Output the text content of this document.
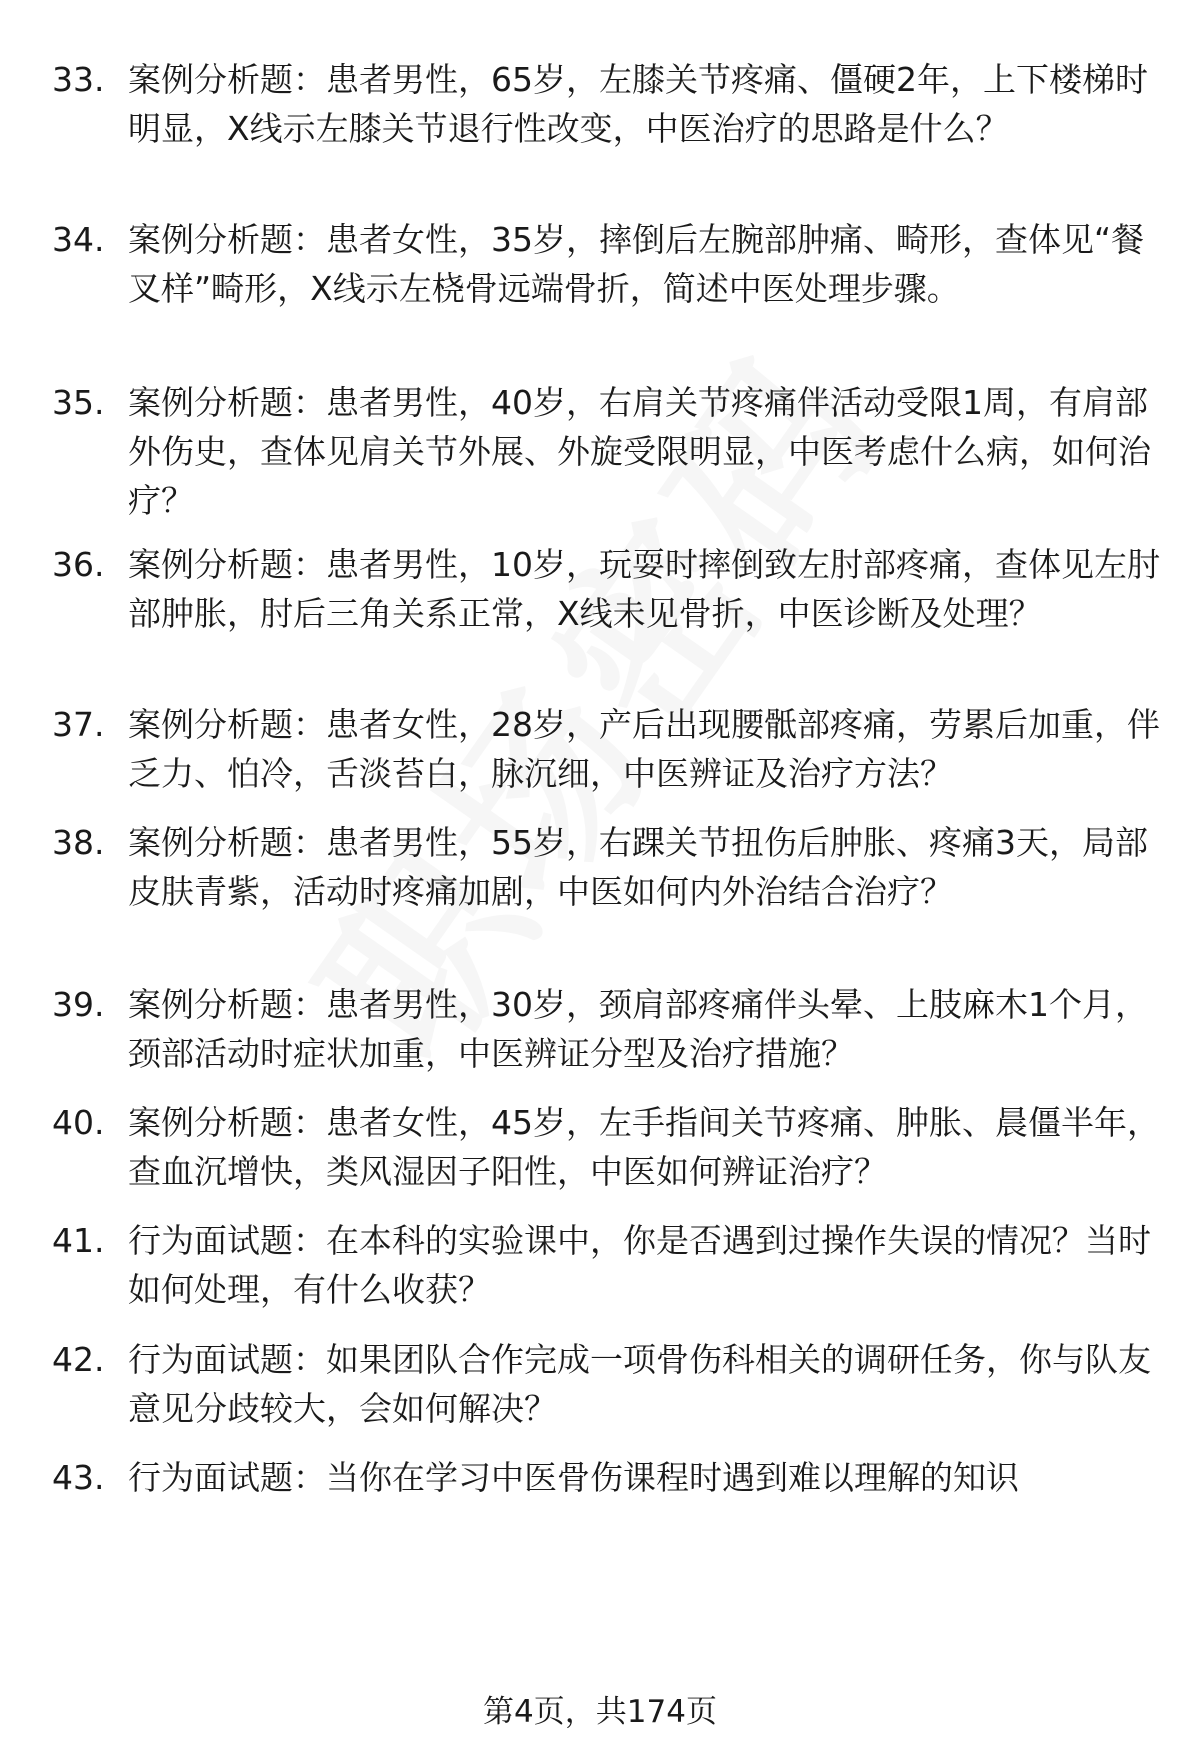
33. 案例分析题：患者男性，65岁，左膝关节疼痛、僵硬2年，上下楼梯时明显，X线示左膝关节退行性改变，中医治疗的思路是什么？
34. 案例分析题：患者女性，35岁，摔倒后左腕部肿痛、畸形，查体见“餐叉样”畸形，X线示左桡骨远端骨折，简述中医处理步骤。
35. 案例分析题：患者男性，40岁，右肩关节疼痛伴活动受限1周，有肩部外伤史，查体见肩关节外展、外旋受限明显，中医考虑什么病，如何治疗？
36. 案例分析题：患者男性，10岁，玩耍时摔倒致左肘部疼痛，查体见左肘部肿胀，肘后三角关系正常，X线未见骨折，中医诊断及处理？
37. 案例分析题：患者女性，28岁，产后出现腰骶部疼痛，劳累后加重，伴乏力、怕冷，舌淡苔白，脉沉细，中医辨证及治疗方法？
38. 案例分析题：患者男性，55岁，右踝关节扭伤后肿胀、疼痛3天，局部皮肤青紫，活动时疼痛加剧，中医如何内外治结合治疗？
39. 案例分析题：患者男性，30岁，颈肩部疼痛伴头晕、上肢麻木1个月，颈部活动时症状加重，中医辨证分型及治疗措施？
40. 案例分析题：患者女性，45岁，左手指间关节疼痛、肿胀、晨僵半年，查血沉增快，类风湿因子阳性，中医如何辨证治疗？
41. 行为面试题：在本科的实验课中，你是否遇到过操作失误的情况？当时如何处理，有什么收获？
42. 行为面试题：如果团队合作完成一项骨伤科相关的调研任务，你与队友意见分歧较大，会如何解决？
43. 行为面试题：当你在学习中医骨伤课程时遇到难以理解的知识
第4页，共174页
